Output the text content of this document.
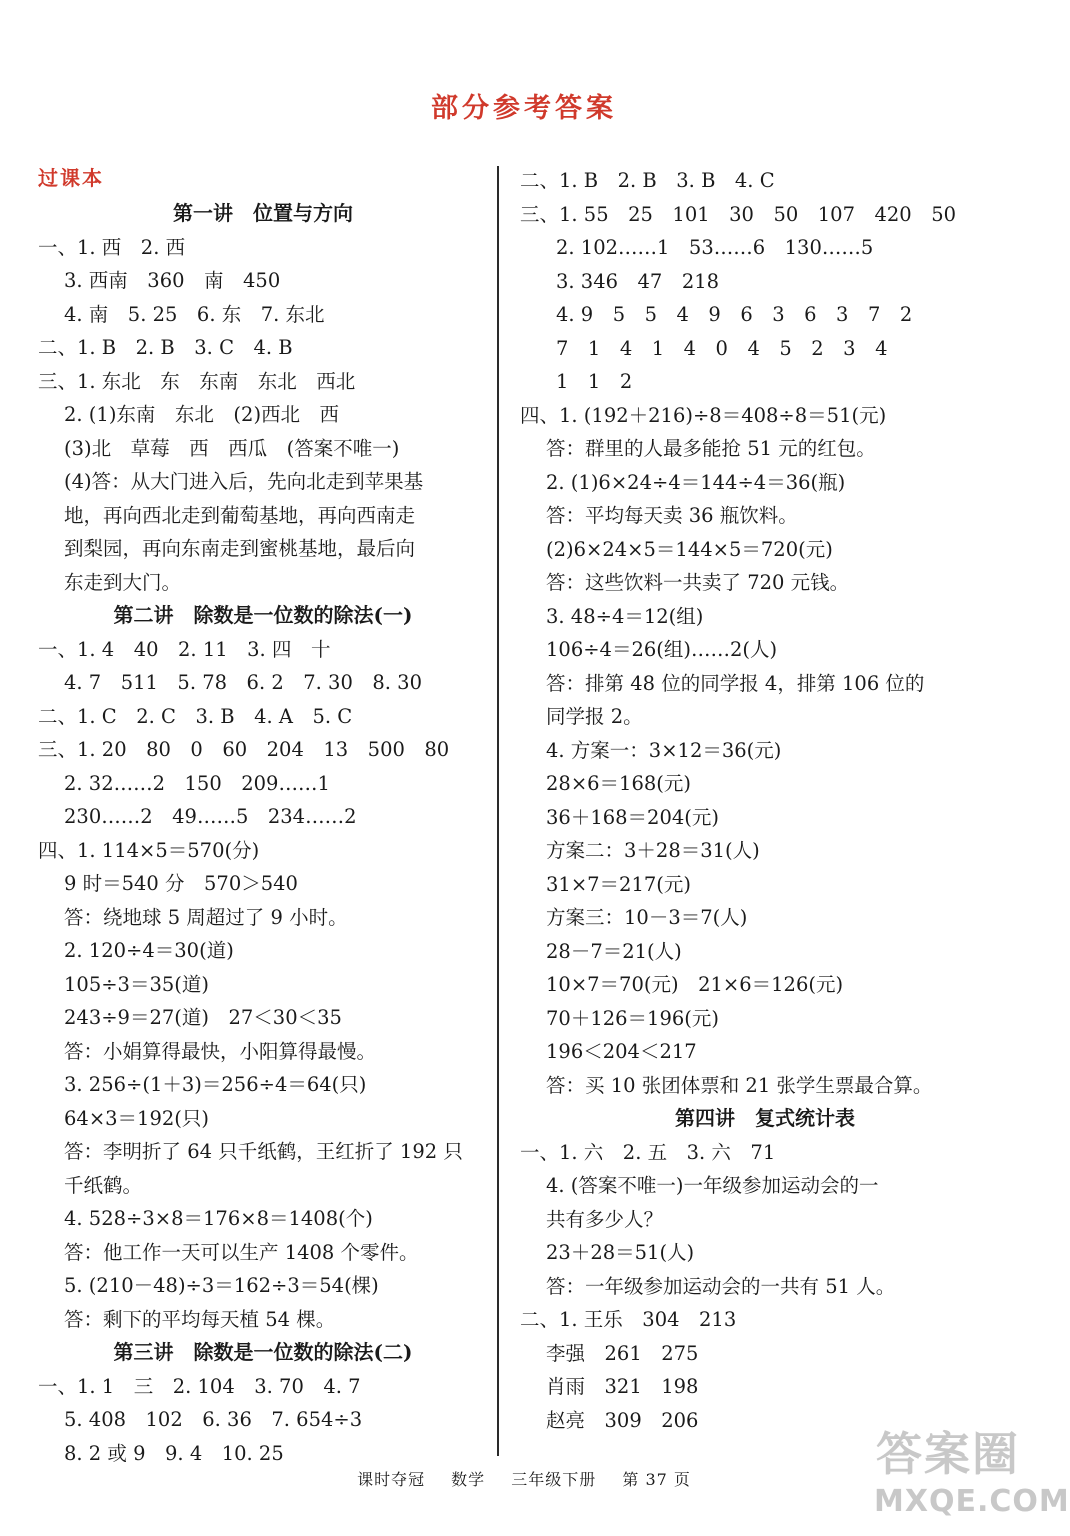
部分参考答案
过课本
第一讲　位置与方向
一、1. 西　2. 西
3. 西南　360　南　450
4. 南　5. 25　6. 东　7. 东北
二、1. B　2. B　3. C　4. B
三、1. 东北　东　东南　东北　西北
2. (1)东南　东北　(2)西北　西
(3)北　草莓　西　西瓜　(答案不唯一)
(4)答：从大门进入后，先向北走到苹果基
地，再向西北走到葡萄基地，再向西南走
到梨园，再向东南走到蜜桃基地，最后向
东走到大门。
第二讲　除数是一位数的除法(一)
一、1. 4　40　2. 11　3. 四　十
4. 7　511　5. 78　6. 2　7. 30　8. 30
二、1. C　2. C　3. B　4. A　5. C
三、1. 20　80　0　60　204　13　500　80
2. 32……2　150　209……1
230……2　49……5　234……2
四、1. 114×5＝570(分)
9 时＝540 分　570＞540
答：绕地球 5 周超过了 9 小时。
2. 120÷4＝30(道)
105÷3＝35(道)
243÷9＝27(道)　27＜30＜35
答：小娟算得最快，小阳算得最慢。
3. 256÷(1＋3)＝256÷4＝64(只)
64×3＝192(只)
答：李明折了 64 只千纸鹤，王红折了 192 只
千纸鹤。
4. 528÷3×8＝176×8＝1408(个)
答：他工作一天可以生产 1408 个零件。
5. (210－48)÷3＝162÷3＝54(棵)
答：剩下的平均每天植 54 棵。
第三讲　除数是一位数的除法(二)
一、1. 1　三　2. 104　3. 70　4. 7
5. 408　102　6. 36　7. 654÷3
8. 2 或 9　9. 4　10. 25
二、1. B　2. B　3. B　4. C
三、1. 55　25　101　30　50　107　420　50
2. 102……1　53……6　130……5
3. 346　47　218
4. 9　5　5　4　9　6　3　6　3　7　2
7　1　4　1　4　0　4　5　2　3　4
1　1　2
四、1. (192＋216)÷8＝408÷8＝51(元)
答：群里的人最多能抢 51 元的红包。
2. (1)6×24÷4＝144÷4＝36(瓶)
答：平均每天卖 36 瓶饮料。
(2)6×24×5＝144×5＝720(元)
答：这些饮料一共卖了 720 元钱。
3. 48÷4＝12(组)
106÷4＝26(组)……2(人)
答：排第 48 位的同学报 4，排第 106 位的
同学报 2。
4. 方案一：3×12＝36(元)
28×6＝168(元)
36＋168＝204(元)
方案二：3＋28＝31(人)
31×7＝217(元)
方案三：10－3＝7(人)
28－7＝21(人)
10×7＝70(元)　21×6＝126(元)
70＋126＝196(元)
196＜204＜217
答：买 10 张团体票和 21 张学生票最合算。
第四讲　复式统计表
一、1. 六　2. 五　3. 六　71
4. (答案不唯一)一年级参加运动会的一
共有多少人？
23＋28＝51(人)
答：一年级参加运动会的一共有 51 人。
二、1. 王乐　304　213
李强　261　275
肖雨　321　198
赵亮　309　206
课时夺冠 数学 三年级下册 第 37 页	答案圈
MXQE.COM
